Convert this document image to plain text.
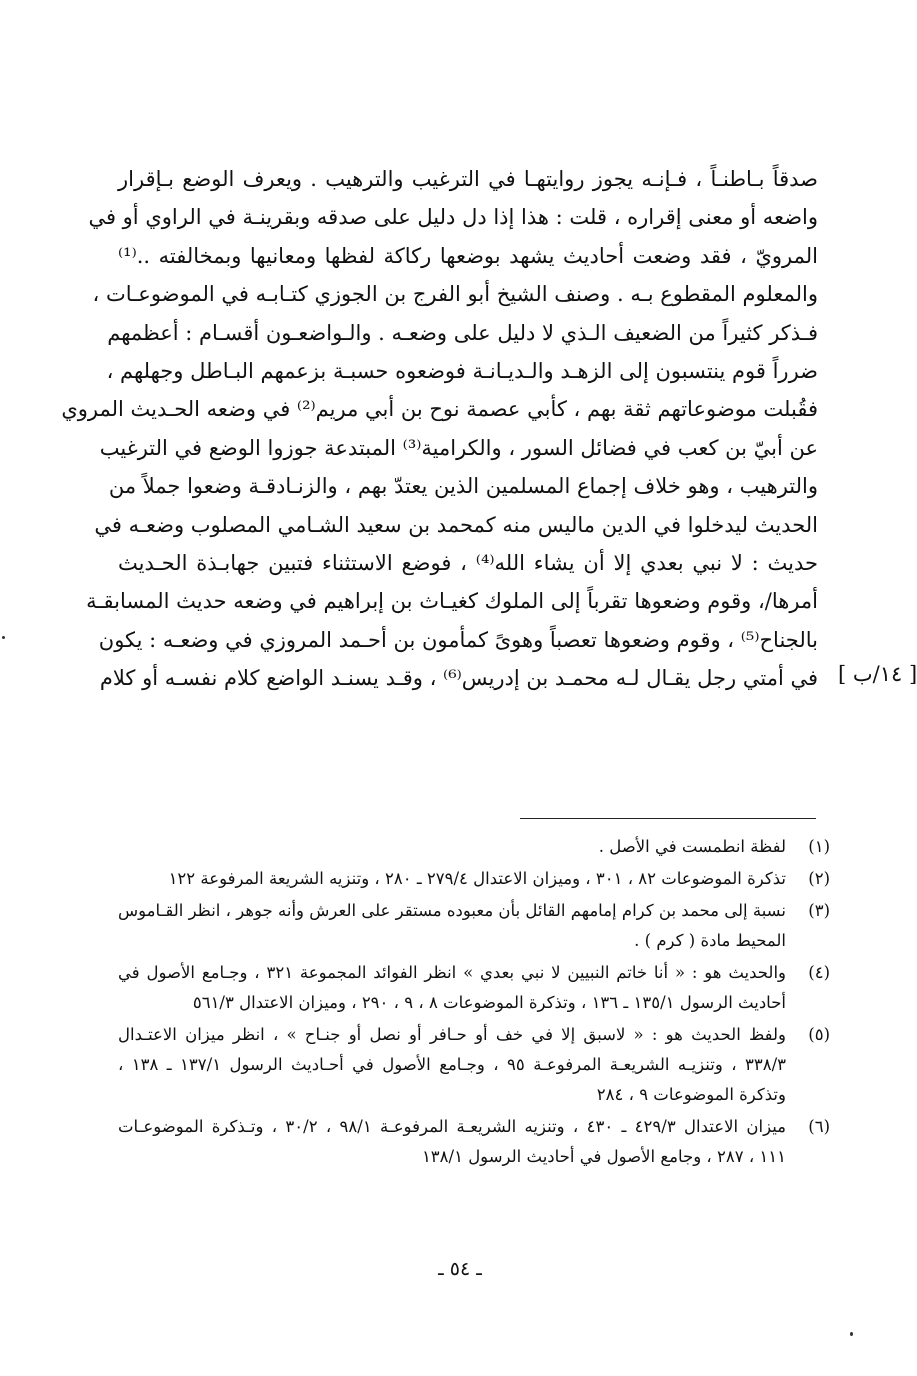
صدقاً بـاطنـاً ، فـإنـه يجوز روايتهـا في الترغيب والترهيب . ويعرف الوضع بـإقرار

واضعه أو معنى إقراره ، قلت : هذا إذا دل دليل على صدقه وبقرينـة في الراوي أو في

المرويّ ، فقد وضعت أحاديث يشهد بوضعها ركاكة لفظها ومعانيها وبمخالفته ..⁽¹⁾

والمعلوم المقطوع بـه . وصنف الشيخ أبو الفرج بن الجوزي كتـابـه في الموضوعـات ،

فـذكر كثيراً من الضعيف الـذي لا دليل على وضعـه . والـواضعـون أقسـام : أعظمهم

ضرراً قوم ينتسبون إلى الزهـد والـديـانـة فوضعوه حسبـة بزعمهم البـاطل وجهلهم ،

فقُبلت موضوعاتهم ثقة بهم ، كأبي عصمة نوح بن أبي مريم⁽²⁾ في وضعه الحـديث المروي

عن أبيّ بن كعب في فضائل السور ، والكرامية⁽³⁾ المبتدعة جوزوا الوضع في الترغيب

والترهيب ، وهو خلاف إجماع المسلمين الذين يعتدّ بهم ، والزنـادقـة وضعوا جملاً من

الحديث ليدخلوا في الدين ماليس منه كمحمد بن سعيد الشـامي المصلوب وضعـه في

حديث : لا نبي بعدي إلا أن يشاء الله⁽⁴⁾ ، فوضع الاستثناء فتبين جهابـذة الحـديث

أمرها/، وقوم وضعوها تقرباً إلى الملوك كغيـاث بن إبراهيم في وضعه حديث المسابقـة

بالجناح⁽⁵⁾ ، وقوم وضعوها تعصباً وهوىً كمأمون بن أحـمد المروزي في وضعـه : يكون

في أمتي رجل يقـال لـه محمـد بن إدريس⁽⁶⁾ ، وقـد يسنـد الواضع كلام نفسـه أو كلام [ ١٤/ب ]
(١)
لفظة انطمست في الأصل .
(٢)
تذكرة الموضوعات ٨٢ ، ٣٠١ ، وميزان الاعتدال ٢٧٩/٤ ـ ٢٨٠ ، وتنزيه الشريعة المرفوعة ١٢٢
(٣)
نسبة إلى محمد بن كرام إمامهم القائل بأن معبوده مستقر على العرش وأنه جوهر ، انظر القـاموس
المحيط مادة ( كرم ) .
(٤)
والحديث هو : « أنا خاتم النبيين لا نبي بعدي » انظر الفوائد المجموعة ٣٢١ ، وجـامع الأصول في
أحاديث الرسول ١٣٥/١ ـ ١٣٦ ، وتذكرة الموضوعات ٨ ، ٩ ، ٢٩٠ ، وميزان الاعتدال ٥٦١/٣
(٥)
ولفظ الحديث هو : « لاسبق إلا في خف أو حـافر أو نصل أو جنـاح » ، انظر ميزان الاعتـدال
٣٣٨/٣ ، وتنزيـه الشريعـة المرفوعـة ٩٥ ، وجـامع الأصول في أحـاديث الرسول ١٣٧/١ ـ ١٣٨ ،
وتذكرة الموضوعات ٩ ، ٢٨٤
(٦)
ميزان الاعتدال ٤٢٩/٣ ـ ٤٣٠ ، وتنزيه الشريعـة المرفوعـة ٩٨/١ ، ٣٠/٢ ، وتـذكرة الموضوعـات
١١١ ، ٢٨٧ ، وجامع الأصول في أحاديث الرسول ١٣٨/١
ـ ٥٤ ـ
